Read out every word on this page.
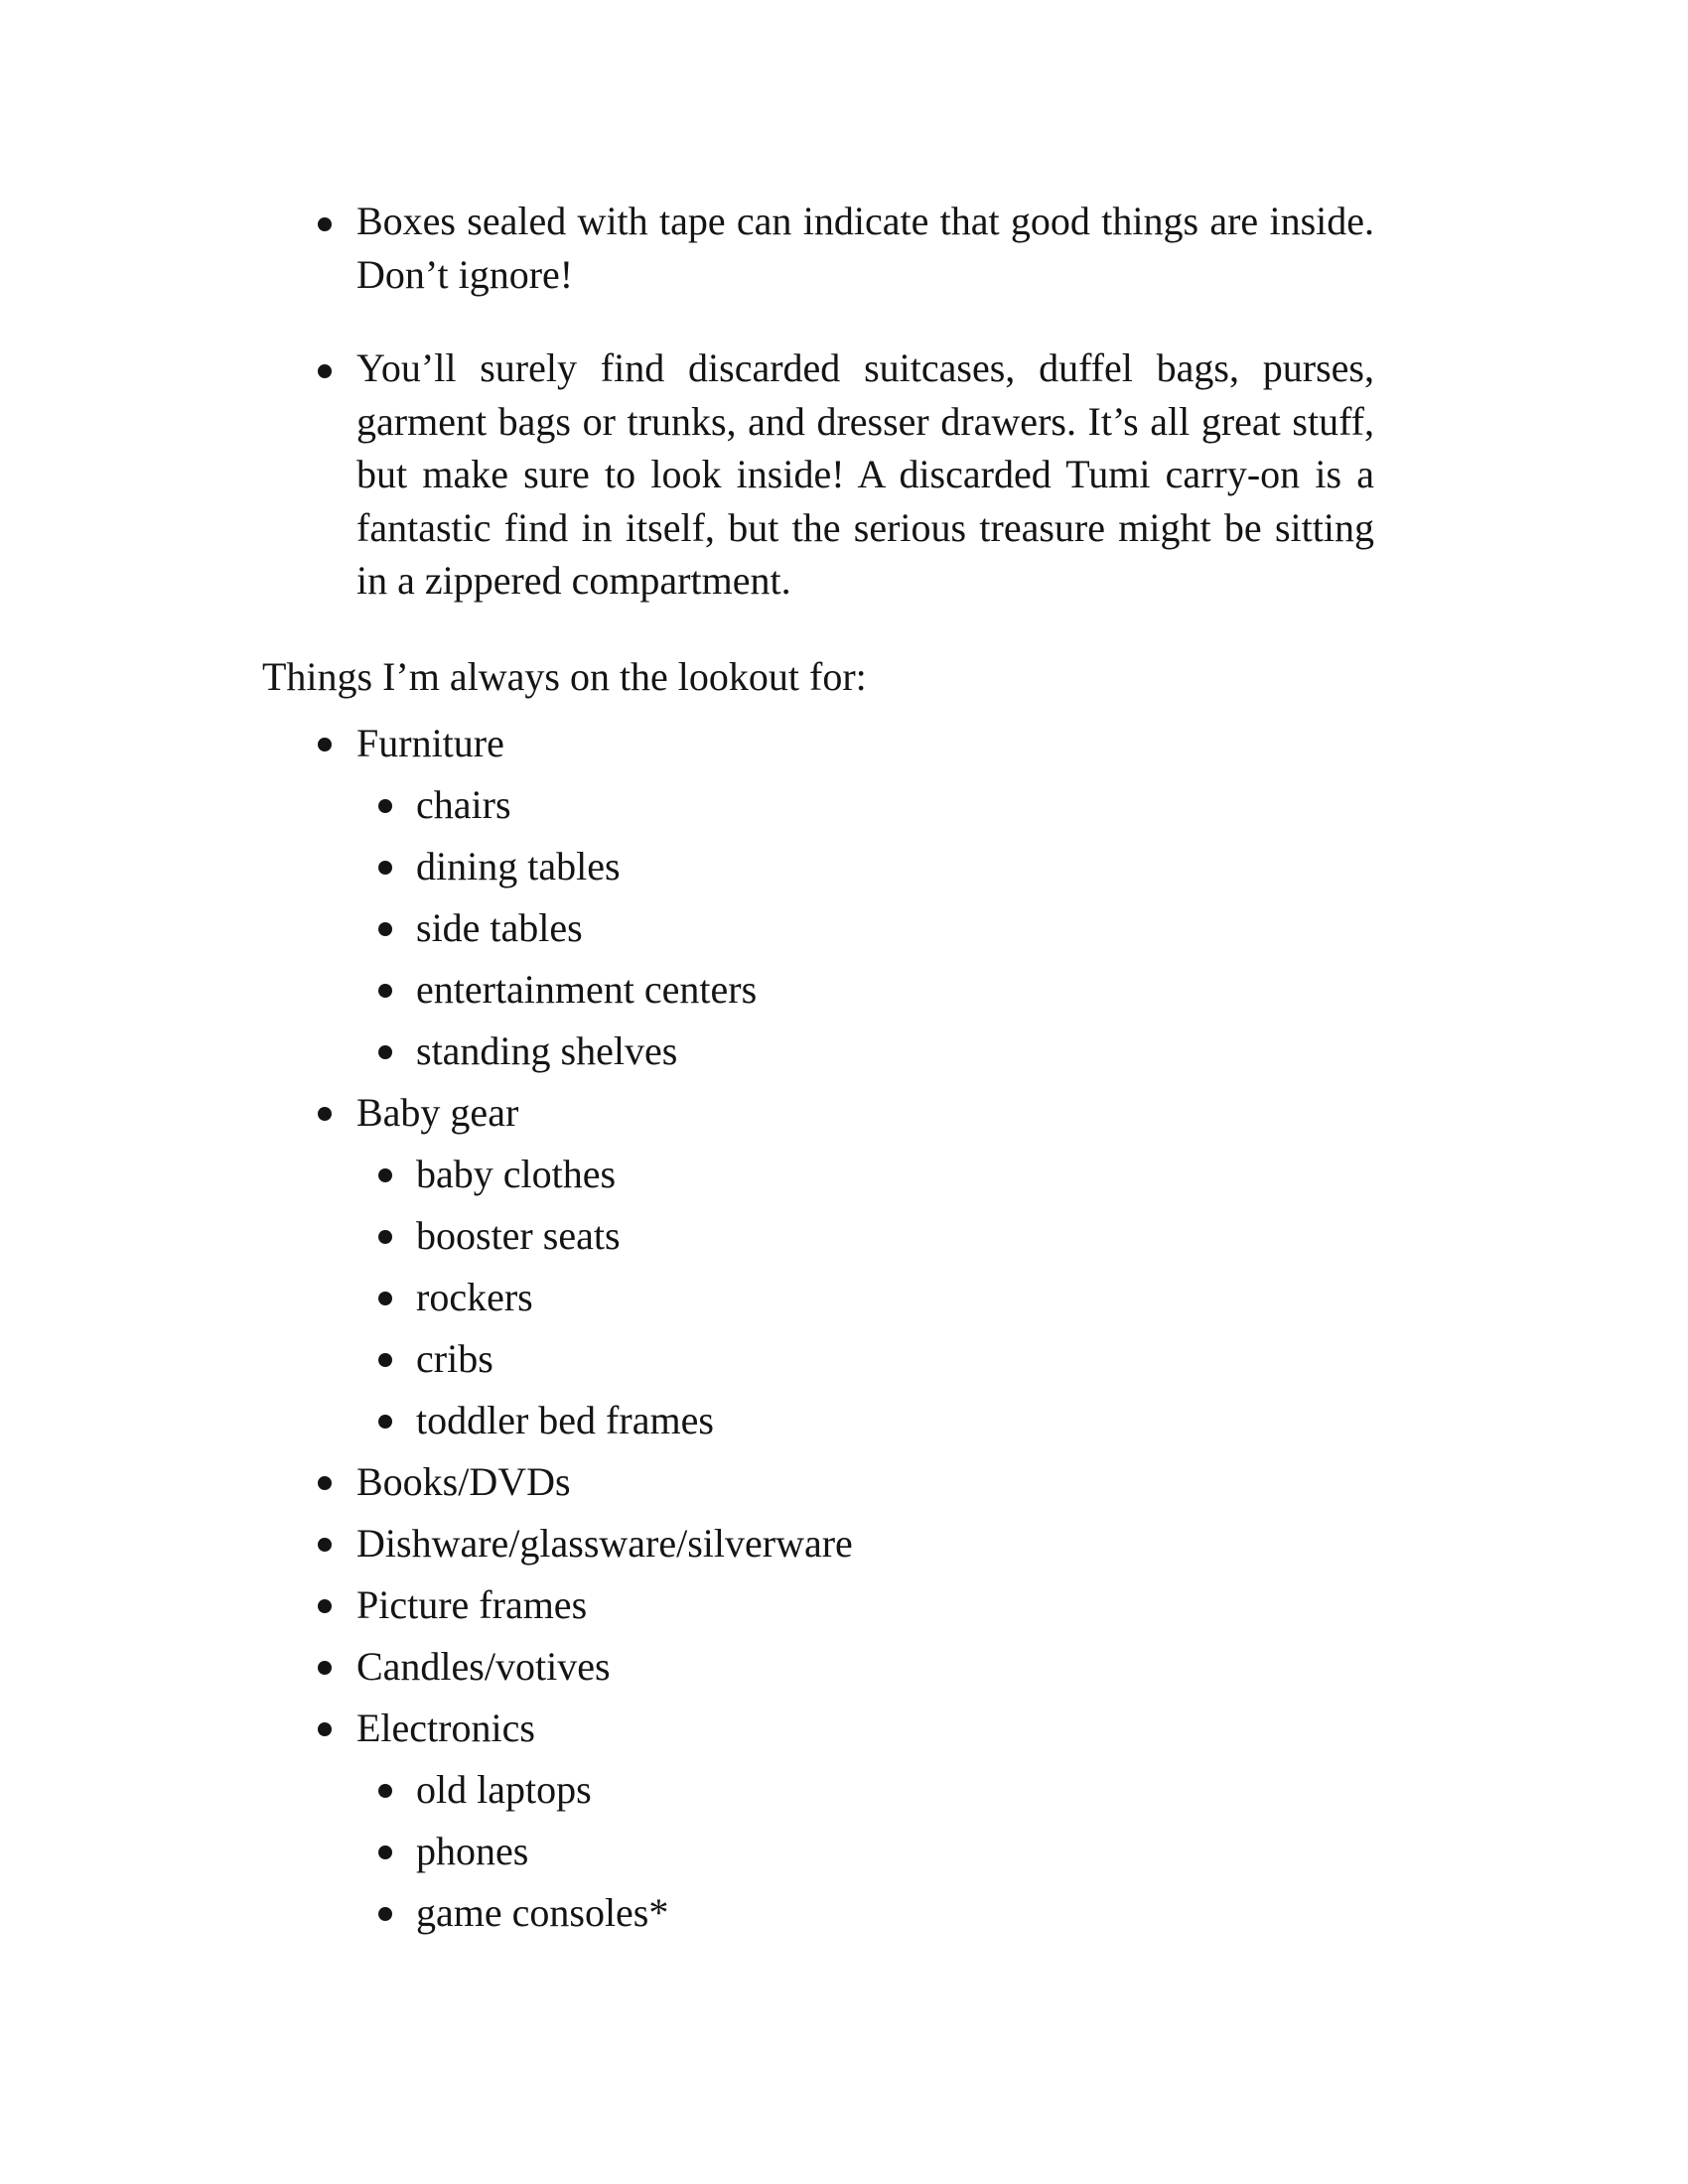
Boxes sealed with tape can indicate that good things are inside. Don’t ignore!
You’ll surely find discarded suitcases, duffel bags, purses, garment bags or trunks, and dresser drawers. It’s all great stuff, but make sure to look inside! A discarded Tumi carry-on is a fantastic find in itself, but the serious treasure might be sitting in a zippered compartment.

Things I’m always on the lookout for:

Furniture
chairs
dining tables
side tables
entertainment centers
standing shelves
Baby gear
baby clothes
booster seats
rockers
cribs
toddler bed frames
Books/DVDs
Dishware/glassware/silverware
Picture frames
Candles/votives
Electronics
old laptops
phones
game consoles*
